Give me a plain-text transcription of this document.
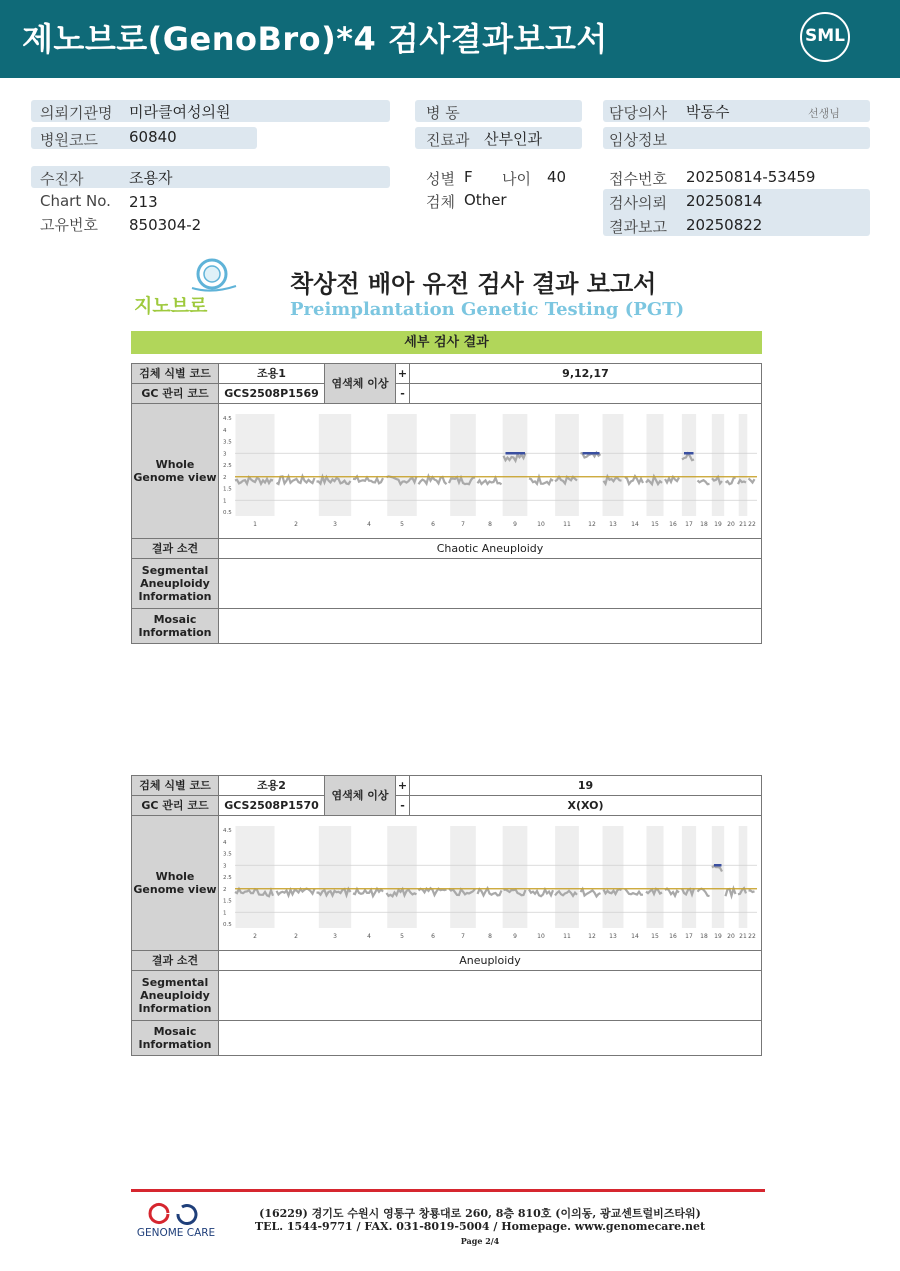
제노브로(GenoBro)*4 검사결과보고서	SML
의뢰기관명 미라클여성의원
병원코드 60840
병 동
진료과 산부인과
담당의사 박동수	선생님
임상정보
수진자	조용자
Chart No. 213
고유번호 850304-2
성별 F 나이 40
검체 Other
접수번호 20250814-53459
검사의뢰 20250814
결과보고 20250822
지노브로
착상전 배아 유전 검사 결과 보고서
Preimplantation Genetic Testing (PGT)
세부 검사 결과
검체 식별 코드	조용1
염색체 이상
+	9,12,17
GC 관리 코드	GCS2508P1569	-
Whole Genome view
4.5
4
3.5
3
2.5
2
1.5
1
0.5
1	2	3	4	5	6	7	8	9	10	11	12 13 14 15 16 17 18 19 20 21 22
결과 소견	Chaotic Aneuploidy
Segmental Aneuploidy Information
Mosaic Information
검체 식별 코드	조용2
염색체 이상
+	19
GC 관리 코드	GCS2508P1570	-	X(XO)
Whole Genome view
4.5
4
3.5
3
2.5
2
1.5
1
0.5
2	2	3	4	5	6	7	8	9	10	11	12 13 14 15 16 17 18 19 20 21 22
결과 소견	Aneuploidy
Segmental Aneuploidy Information
Mosaic Information
GENOME CARE
(16229) 경기도 수원시 영통구 창룡대로 260, 8층 810호 (이의동, 광교센트럴비즈타워)
TEL. 1544-9771 / FAX. 031-8019-5004 / Homepage. www.genomecare.net
Page 2/4
